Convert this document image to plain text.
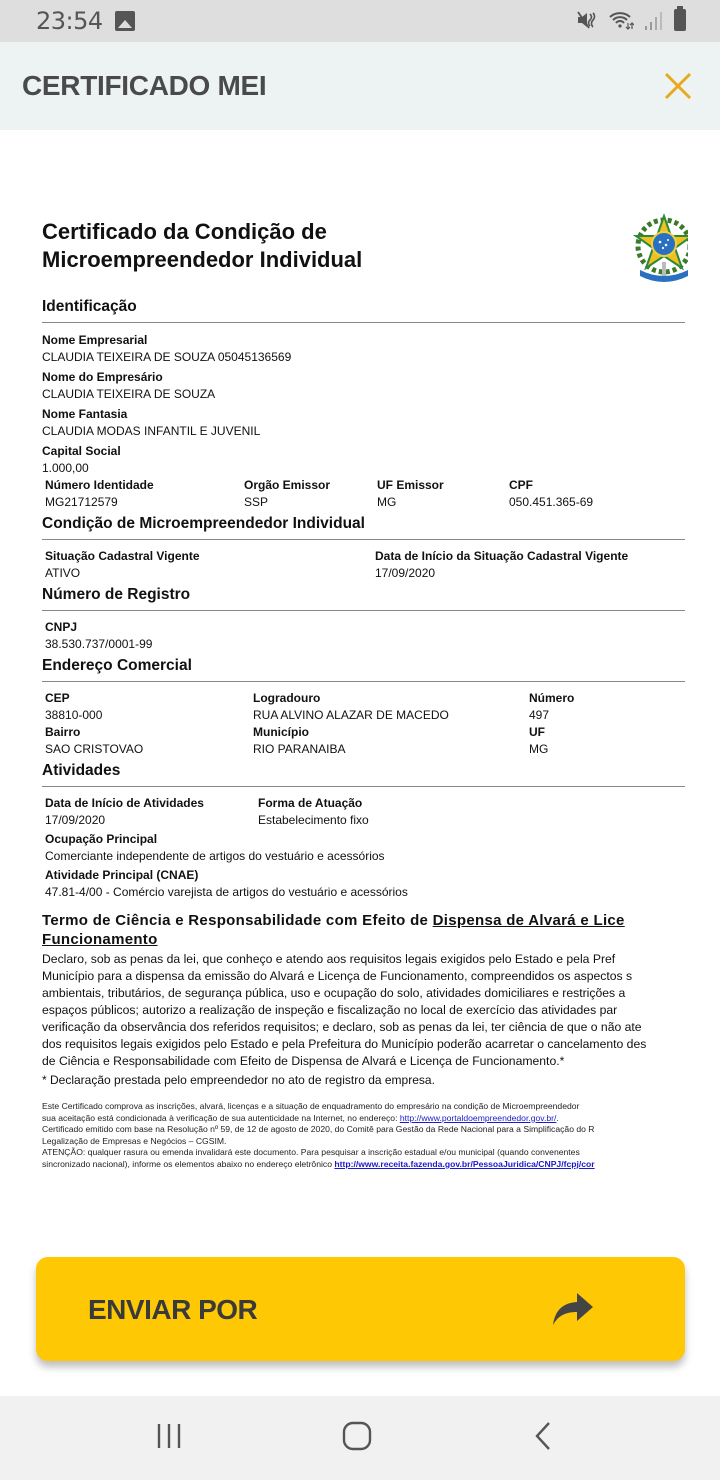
23:54
CERTIFICADO MEI
Certificado da Condição de
Microempreendedor Individual
Identificação
Nome Empresarial
CLAUDIA TEIXEIRA DE SOUZA 05045136569
Nome do Empresário
CLAUDIA TEIXEIRA DE SOUZA
Nome Fantasia
CLAUDIA MODAS INFANTIL E JUVENIL
Capital Social
1.000,00
Número Identidade
MG21712579
Orgão Emissor
SSP
UF Emissor
MG
CPF
050.451.365-69
Condição de Microempreendedor Individual
Situação Cadastral Vigente
ATIVO
Data de Início da Situação Cadastral Vigente
17/09/2020
Número de Registro
CNPJ
38.530.737/0001-99
Endereço Comercial
CEP
38810-000
Logradouro
RUA ALVINO ALAZAR DE MACEDO
Número
497
Bairro
SAO CRISTOVAO
Município
RIO PARANAIBA
UF
MG
Atividades
Data de Início de Atividades
17/09/2020
Forma de Atuação
Estabelecimento fixo
Ocupação Principal
Comerciante independente de artigos do vestuário e acessórios
Atividade Principal (CNAE)
47.81-4/00 - Comércio varejista de artigos do vestuário e acessórios
Termo de Ciência e Responsabilidade com Efeito de Dispensa de Alvará e Lice
Funcionamento
Declaro, sob as penas da lei, que conheço e atendo aos requisitos legais exigidos pelo Estado e pela Pref
Município para a dispensa da emissão do Alvará e Licença de Funcionamento, compreendidos os aspectos s
ambientais, tributários, de segurança pública, uso e ocupação do solo, atividades domiciliares e restrições a
espaços públicos; autorizo a realização de inspeção e fiscalização no local de exercício das atividades par
verificação da observância dos referidos requisitos; e declaro, sob as penas da lei, ter ciência de que o não ate
dos requisitos legais exigidos pelo Estado e pela Prefeitura do Município poderão acarretar o cancelamento des
de Ciência e Responsabilidade com Efeito de Dispensa de Alvará e Licença de Funcionamento.*
* Declaração prestada pelo empreendedor no ato de registro da empresa.
Este Certificado comprova as inscrições, alvará, licenças e a situação de enquadramento do empresário na condição de Microempreendedor
sua aceitação está condicionada à verificação de sua autenticidade na Internet, no endereço: http://www.portaldoempreendedor.gov.br/.
Certificado emitido com base na Resolução nº 59, de 12 de agosto de 2020, do Comitê para Gestão da Rede Nacional para a Simplificação do R
Legalização de Empresas e Negócios – CGSIM.
ATENÇÃO: qualquer rasura ou emenda invalidará este documento. Para pesquisar a inscrição estadual e/ou municipal (quando convenentes
sincronizado nacional), informe os elementos abaixo no endereço eletrônico http://www.receita.fazenda.gov.br/PessoaJuridica/CNPJ/fcpj/cor
ENVIAR POR
